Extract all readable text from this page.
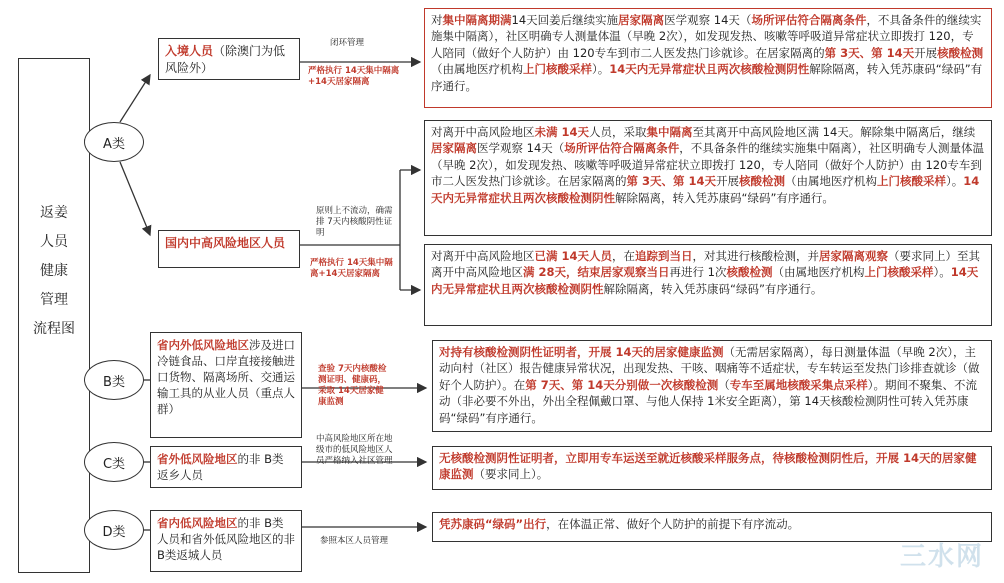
返姜
人员
健康
管理
流程图
A类
B类
C类
D类
入境人员（除澳门为低风险外）
闭环管理
严格执行 14天集中隔离+14天居家隔离
国内中高风险地区人员
原则上不流动，确需排 7天内核酸阴性证明
严格执行 14天集中隔离+14天居家隔离
对集中隔离期满14天回姜后继续实施居家隔离医学观察 14天（场所评估符合隔离条件，不具备条件的继续实施集中隔离），社区明确专人测量体温（早晚 2次），如发现发热、咳嗽等呼吸道异常症状立即拨打 120，专人陪同（做好个人防护）由 120专车到市二人医发热门诊就诊。在居家隔离的第 3天、第 14天开展核酸检测（由属地医疗机构上门核酸采样）。14天内无异常症状且两次核酸检测阴性解除隔离，转入凭苏康码“绿码”有序通行。
对离开中高风险地区未满 14天人员，采取集中隔离至其离开中高风险地区满 14天。解除集中隔离后，继续居家隔离医学观察 14天（场所评估符合隔离条件，不具备条件的继续实施集中隔离），社区明确专人测量体温（早晚 2次），如发现发热、咳嗽等呼吸道异常症状立即拨打 120，专人陪同（做好个人防护）由 120专车到市二人医发热门诊就诊。在居家隔离的第 3天、第 14天开展核酸检测（由属地医疗机构上门核酸采样）。14天内无异常症状且两次核酸检测阴性解除隔离，转入凭苏康码“绿码”有序通行。
对离开中高风险地区已满 14天人员，在追踪到当日，对其进行核酸检测，并居家隔离观察（要求同上）至其离开中高风险地区满 28天，结束居家观察当日再进行 1次核酸检测（由属地医疗机构上门核酸采样）。14天内无异常症状且两次核酸检测阴性解除隔离，转入凭苏康码“绿码”有序通行。
省内外低风险地区涉及进口冷链食品、口岸直接接触进口货物、隔离场所、交通运输工具的从业人员（重点人群）
查验 7天内核酸检测证明、健康码，采取 14天居家健康监测
省外低风险地区的非 B类返乡人员
中高风险地区所在地级市的低风险地区人员严格纳入社区管理
省内低风险地区的非 B类人员和省外低风险地区的非 B类返城人员
参照本区人员管理
对持有核酸检测阴性证明者，开展 14天的居家健康监测（无需居家隔离），每日测量体温（早晚 2次），主动向村（社区）报告健康异常状况，出现发热、干咳、咽痛等不适症状，专车转运至发热门诊排查就诊（做好个人防护）。在第 7天、第 14天分别做一次核酸检测（专车至属地核酸采集点采样）。期间不聚集、不流动（非必要不外出，外出全程佩戴口罩、与他人保持 1米安全距离），第 14天核酸检测阴性可转入凭苏康码“绿码”有序通行。
无核酸检测阴性证明者，立即用专车运送至就近核酸采样服务点，待核酸检测阴性后，开展 14天的居家健康监测（要求同上）。
凭苏康码“绿码”出行，在体温正常、做好个人防护的前提下有序流动。
三水网
